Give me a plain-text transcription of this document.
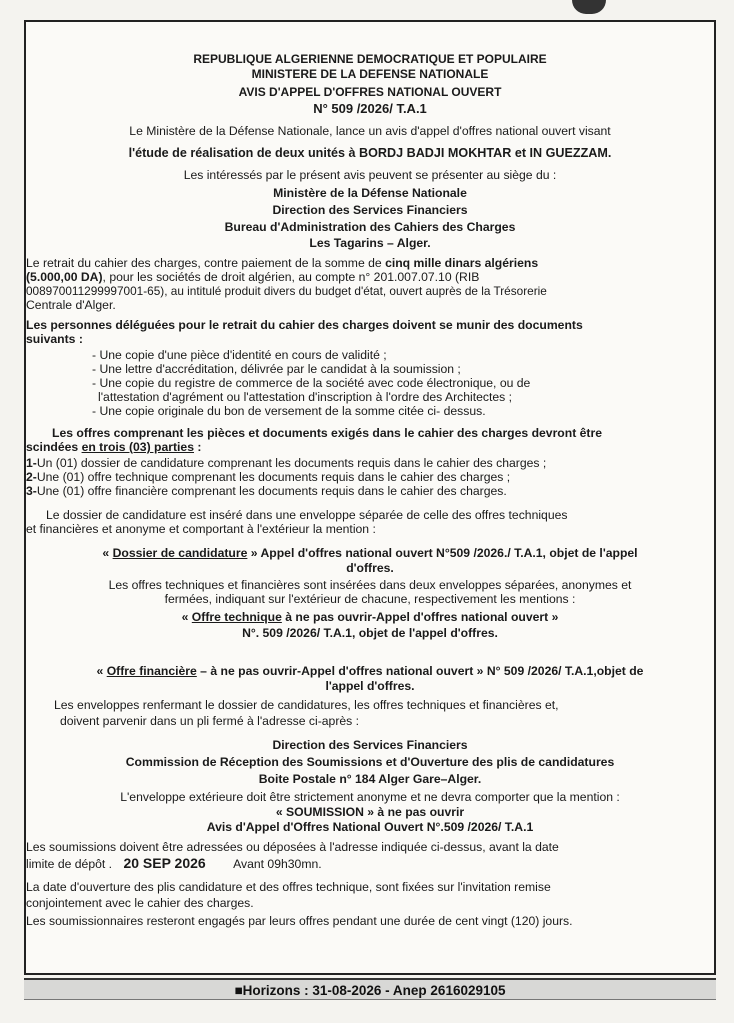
REPUBLIQUE ALGERIENNE DEMOCRATIQUE ET POPULAIRE
MINISTERE DE LA DEFENSE NATIONALE
AVIS D'APPEL D'OFFRES NATIONAL OUVERT
N° 509 /2026/ T.A.1
Le Ministère de la Défense Nationale, lance un avis d'appel d'offres national ouvert visant
l'étude de réalisation de deux unités à BORDJ BADJI MOKHTAR et IN GUEZZAM.
Les intéressés par le présent avis peuvent se présenter au siège du :
Ministère de la Défense Nationale
Direction des Services Financiers
Bureau d'Administration des Cahiers des Charges
Les Tagarins – Alger.
Le retrait du cahier des charges, contre paiement de la somme de cinq mille dinars algériens
(5.000,00 DA), pour les sociétés de droit algérien, au compte n° 201.007.07.10 (RIB
00897001129999700​1-65), au intitulé produit divers du budget d'état, ouvert auprès de la Trésorerie
Centrale d'Alger.
Les personnes déléguées pour le retrait du cahier des charges doivent se munir des documents
suivants :
- Une copie d'une pièce d'identité en cours de validité ;
- Une lettre d'accréditation, délivrée par le candidat à la soumission ;
- Une copie du registre de commerce de la société avec code électronique, ou de
l'attestation d'agrément ou l'attestation d'inscription à l'ordre des Architectes ;
- Une copie originale du bon de versement de la somme citée ci- dessus.
Les offres comprenant les pièces et documents exigés dans le cahier des charges devront être
scindées en trois (03) parties :
1-Un (01) dossier de candidature comprenant les documents requis dans le cahier des charges ;
2-Une (01) offre technique comprenant les documents requis dans le cahier des charges ;
3-Une (01) offre financière comprenant les documents requis dans le cahier des charges.
Le dossier de candidature est inséré dans une enveloppe séparée de celle des offres techniques
et financières et anonyme et comportant à l'extérieur la mention :
« Dossier de candidature » Appel d'offres national ouvert N°509 /2026./ T.A.1, objet de l'appel
d'offres.
Les offres techniques et financières sont insérées dans deux enveloppes séparées, anonymes et
fermées, indiquant sur l'extérieur de chacune, respectivement les mentions :
« Offre technique à ne pas ouvrir-Appel d'offres national ouvert »
N°. 509 /2026/ T.A.1, objet de l'appel d'offres.
« Offre financière – à ne pas ouvrir-Appel d'offres national ouvert » N° 509 /2026/ T.A.1,objet de
l'appel d'offres.
Les enveloppes renfermant le dossier de candidatures, les offres techniques et financières et,
doivent parvenir dans un pli fermé à l'adresse ci-après :
Direction des Services Financiers
Commission de Réception des Soumissions et d'Ouverture des plis de candidatures
Boite Postale n° 184 Alger Gare–Alger.
L'enveloppe extérieure doit être strictement anonyme et ne devra comporter que la mention :
« SOUMISSION » à ne pas ouvrir
Avis d'Appel d'Offres National Ouvert N°.509 /2026/ T.A.1
Les soumissions doivent être adressées ou déposées à l'adresse indiquée ci-dessus, avant la date
limite de dépôt . 20 SEP 2026 Avant 09h30mn.
La date d'ouverture des plis candidature et des offres technique, sont fixées sur l'invitation remise
conjointement avec le cahier des charges.
Les soumissionnaires resteront engagés par leurs offres pendant une durée de cent vingt (120) jours.
■Horizons : 31-08-2026 - Anep 2616029105
